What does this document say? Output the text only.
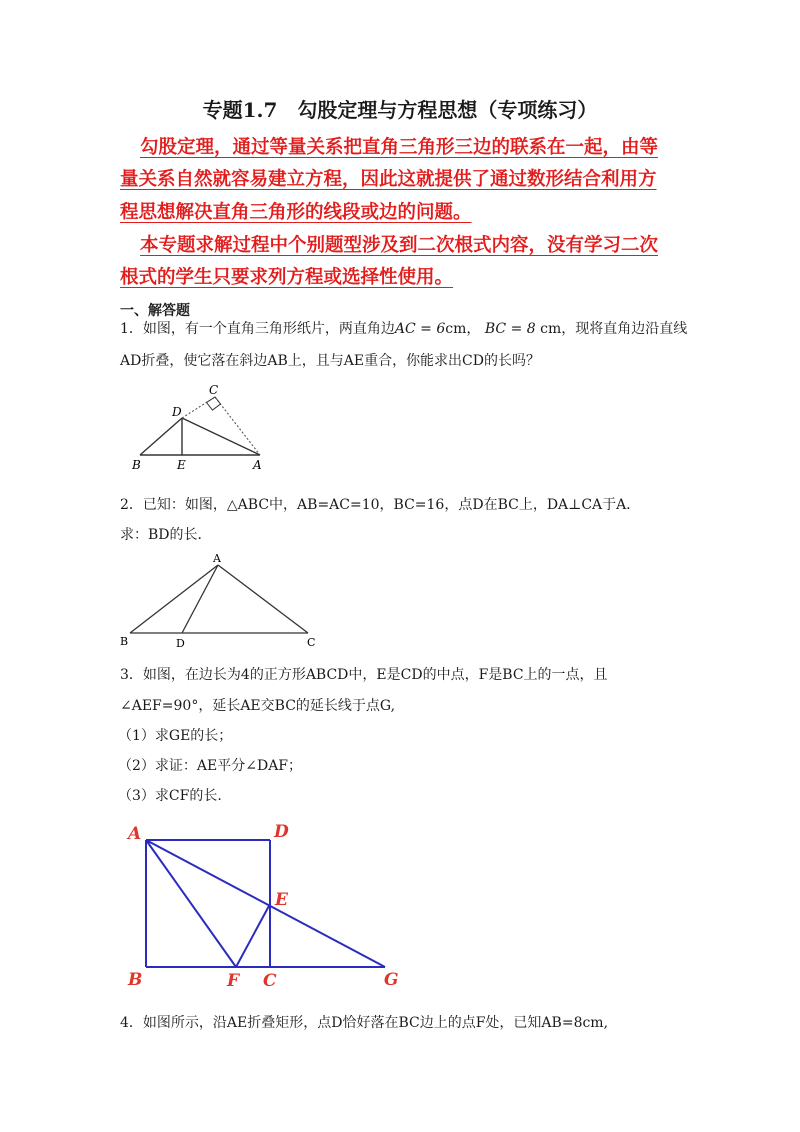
专题1.7　勾股定理与方程思想（专项练习）

勾股定理，通过等量关系把直角三角形三边的联系在一起，由等

量关系自然就容易建立方程，因此这就提供了通过数形结合利用方

程思想解决直角三角形的线段或边的问题。

本专题求解过程中个别题型涉及到二次根式内容，没有学习二次

根式的学生只要求列方程或选择性使用。

一、解答题

1．如图，有一个直角三角形纸片，两直角边AC = 6cm， BC = 8 cm，现将直角边沿直线

AD折叠，使它落在斜边AB上，且与AE重合，你能求出CD的长吗？

C
D
B	E	A

2．已知：如图，△ABC中，AB=AC=10，BC=16，点D在BC上，DA⊥CA于A．

求：BD的长．

A
B	D	C

3．如图，在边长为4的正方形ABCD中，E是CD的中点，F是BC上的一点，且

∠AEF=90°，延长AE交BC的延长线于点G,

（1）求GE的长；

（2）求证：AE平分∠DAF；

（3）求CF的长.

A	D
E
B	F C	G

4．如图所示，沿AE折叠矩形，点D恰好落在BC边上的点F处，已知AB=8cm,
